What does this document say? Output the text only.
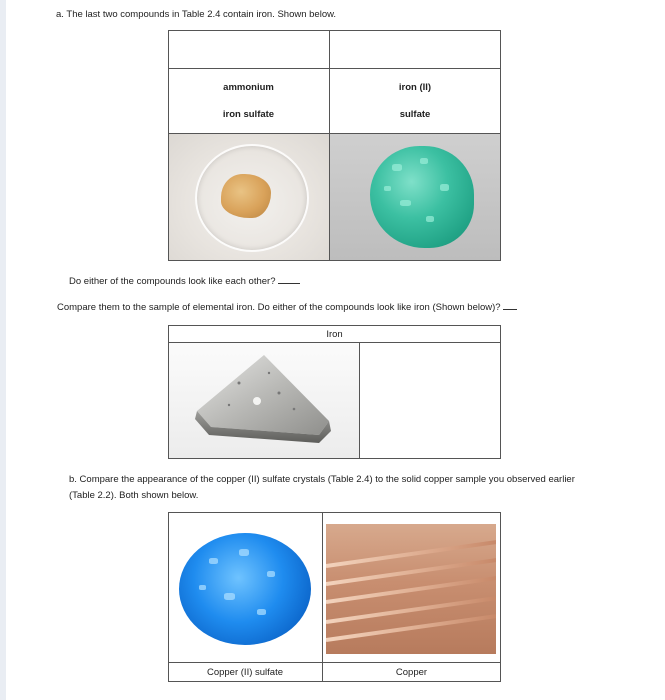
a. The last two compounds in Table 2.4 contain iron. Shown below.
ammonium
iron sulfate
iron (II)
sulfate
Do either of the compounds look like each other?
Compare them to the sample of elemental iron. Do either of the compounds look like iron (Shown below)?
Iron
b. Compare the appearance of the copper (II) sulfate crystals (Table 2.4) to the solid copper sample you observed earlier
(Table 2.2). Both shown below.
Copper (II) sulfate	Copper
